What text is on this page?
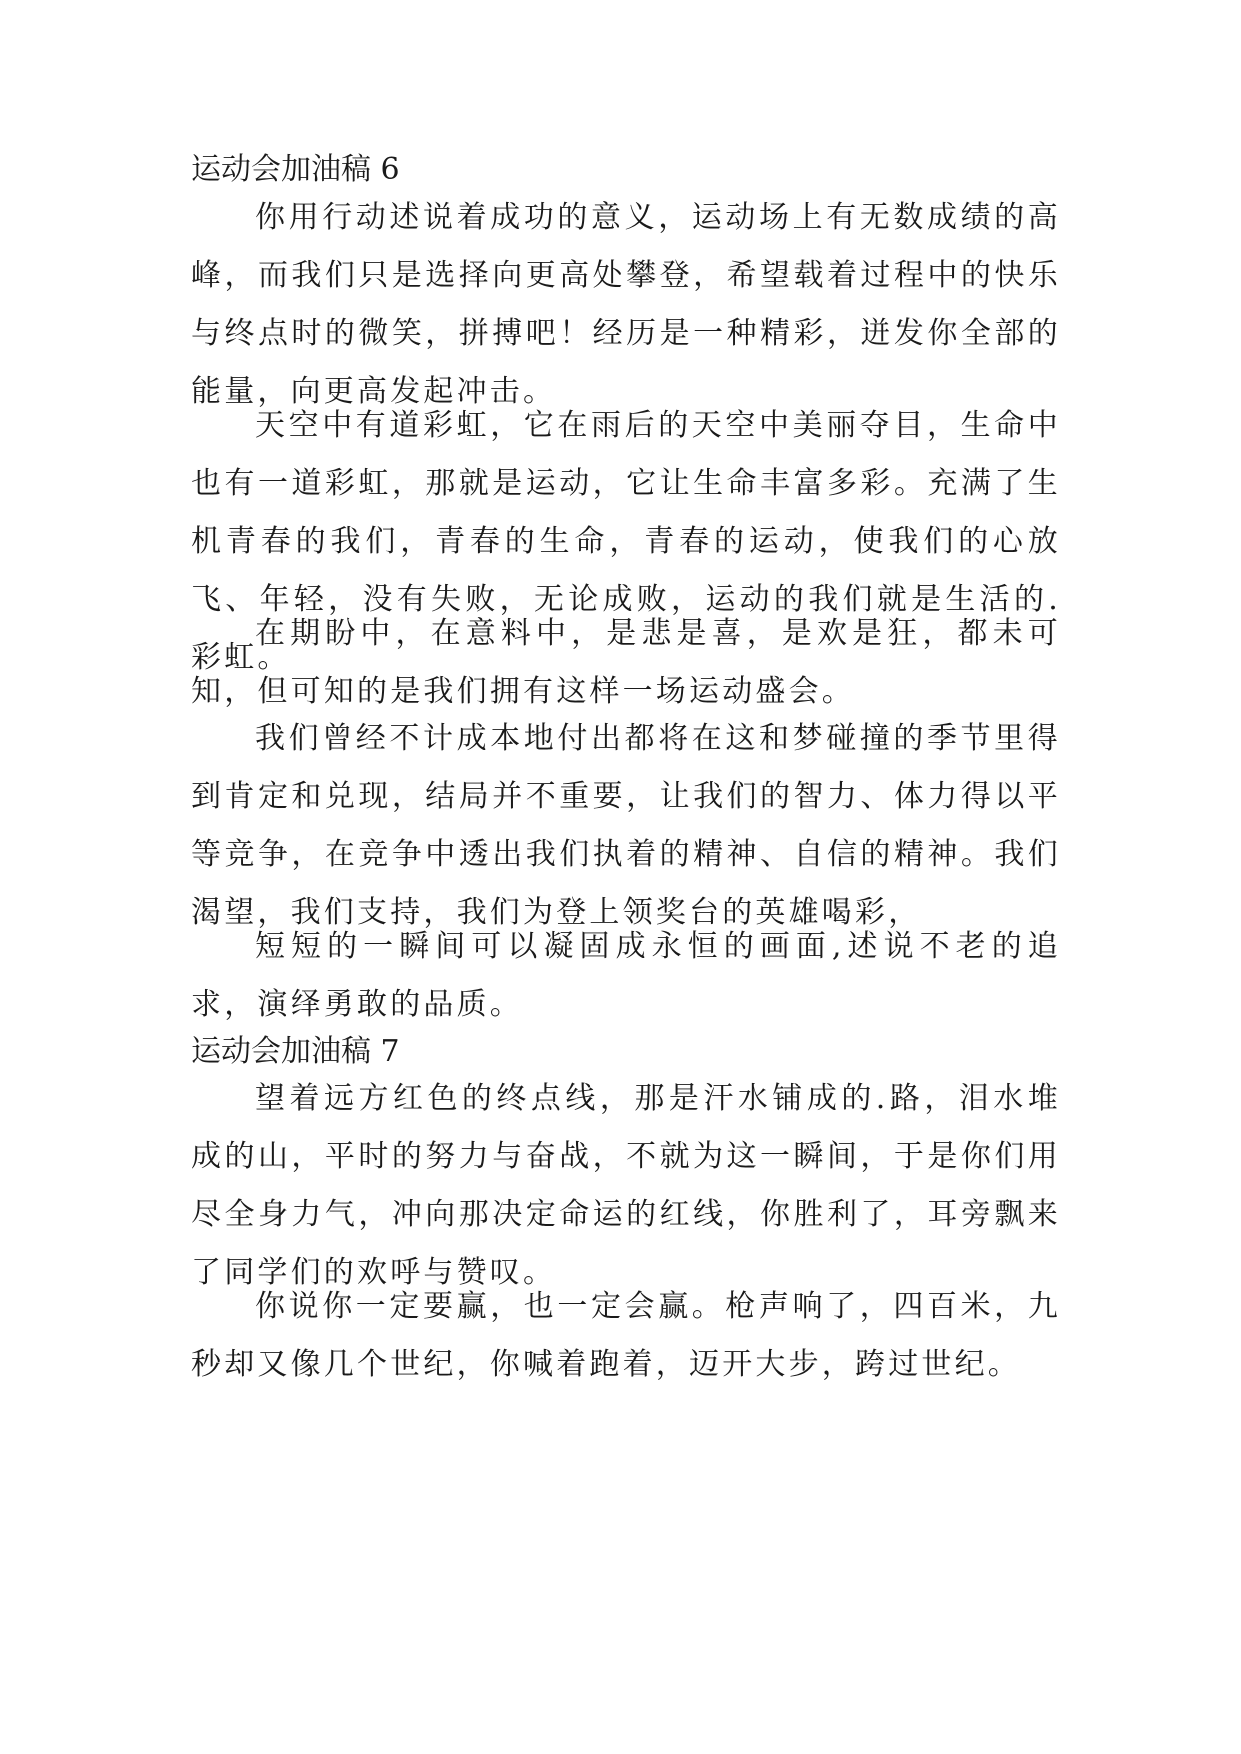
运动会加油稿 6

你用行动述说着成功的意义，运动场上有无数成绩的高峰，而我们只是选择向更高处攀登，希望载着过程中的快乐与终点时的微笑，拼搏吧！经历是一种精彩，迸发你全部的能量，向更高发起冲击。

天空中有道彩虹，它在雨后的天空中美丽夺目，生命中也有一道彩虹，那就是运动，它让生命丰富多彩。充满了生机青春的我们，青春的生命，青春的运动，使我们的心放飞、年轻，没有失败，无论成败，运动的我们就是生活的.彩虹。

在期盼中，在意料中，是悲是喜，是欢是狂，都未可知，但可知的是我们拥有这样一场运动盛会。

我们曾经不计成本地付出都将在这和梦碰撞的季节里得到肯定和兑现，结局并不重要，让我们的智力、体力得以平等竞争，在竞争中透出我们执着的精神、自信的精神。我们渴望，我们支持，我们为登上领奖台的英雄喝彩，

短短的一瞬间可以凝固成永恒的画面,述说不老的追求，演绎勇敢的品质。

运动会加油稿 7

望着远方红色的终点线，那是汗水铺成的.路，泪水堆成的山，平时的努力与奋战，不就为这一瞬间，于是你们用尽全身力气，冲向那决定命运的红线，你胜利了，耳旁飘来了同学们的欢呼与赞叹。

你说你一定要赢，也一定会赢。枪声响了，四百米，九秒却又像几个世纪，你喊着跑着，迈开大步，跨过世纪。
